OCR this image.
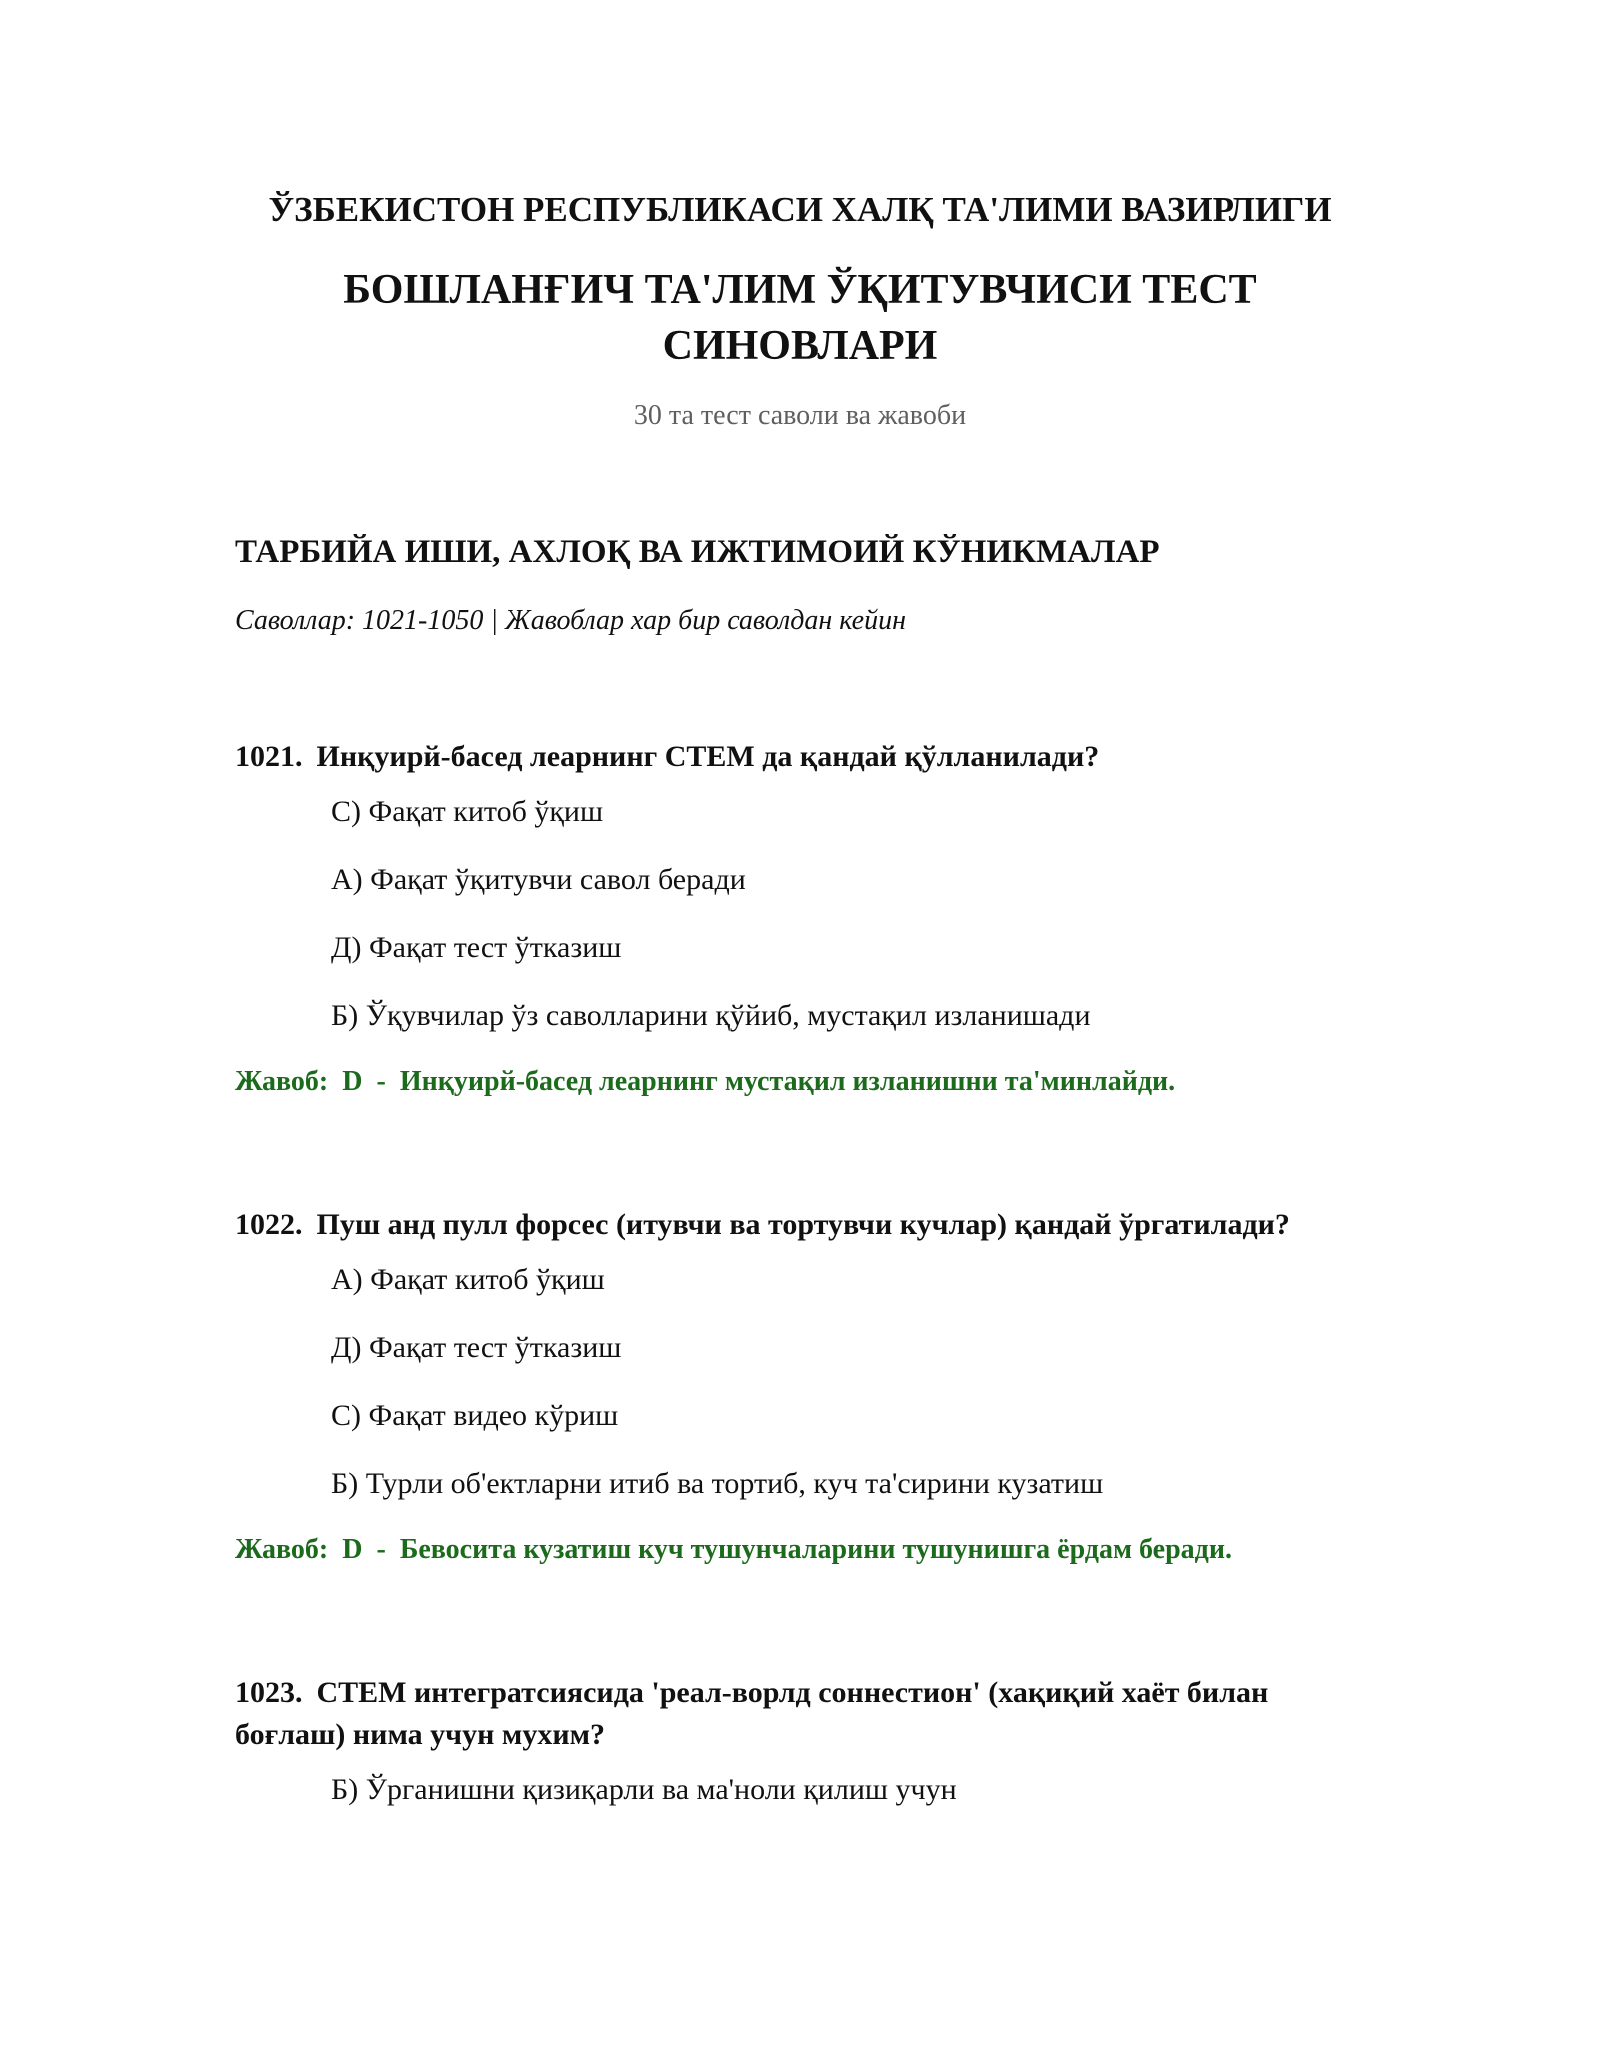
ЎЗБЕКИСТОН РЕСПУБЛИКАСИ ХАЛҚ ТА'ЛИМИ ВАЗИРЛИГИ
БОШЛАНҒИЧ ТА'ЛИМ ЎҚИТУВЧИСИ ТЕСТ СИНОВЛАРИ
30 та тест саволи ва жавоби
ТАРБИЙА ИШИ, АХЛОҚ ВА ИЖТИМОИЙ КЎНИКМАЛАР
Саволлар: 1021-1050 | Жавоблар хар бир саволдан кейин

1021. Инқуирй-басед леарнинг СТЕМ да қандай қўлланилади?

С) Фақат китоб ўқиш
А) Фақат ўқитувчи савол беради
Д) Фақат тест ўтказиш
Б) Ўқувчилар ўз саволларини қўйиб, мустақил изланишади
Жавоб: D - Инқуирй-басед леарнинг мустақил изланишни та'минлайди.

1022. Пуш анд пулл форсес (итувчи ва тортувчи кучлар) қандай ўргатилади?

А) Фақат китоб ўқиш
Д) Фақат тест ўтказиш
С) Фақат видео кўриш
Б) Турли об'ектларни итиб ва тортиб, куч та'сирини кузатиш
Жавоб: D - Бевосита кузатиш куч тушунчаларини тушунишга ёрдам беради.

1023. СТЕМ интегратсиясида 'реал-ворлд соннестион' (хақиқий хаёт билан боғлаш) нима учун мухим?

Б) Ўрганишни қизиқарли ва ма'ноли қилиш учун
